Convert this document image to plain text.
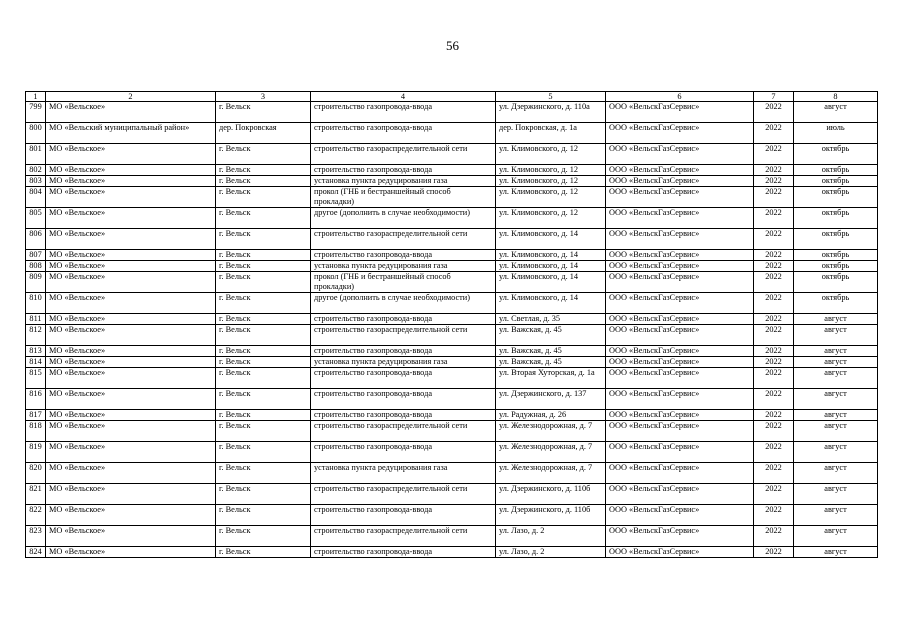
56
1	2	3	4	5	6	7	8
799	МО «Вельское»	г. Вельск	строительство газопровода-ввода	ул. Дзержинского, д. 110а	ООО «ВельскГазСервис»	2022	август
800	МО «Вельский муниципальный район»	дер. Покровская	строительство газопровода-ввода	дер. Покровская, д. 1а	ООО «ВельскГазСервис»	2022	июль
801	МО «Вельское»	г. Вельск	строительство газораспределительной сети	ул. Климовского, д. 12	ООО «ВельскГазСервис»	2022	октябрь
802	МО «Вельское»	г. Вельск	строительство газопровода-ввода	ул. Климовского, д. 12	ООО «ВельскГазСервис»	2022	октябрь
803	МО «Вельское»	г. Вельск	установка пункта редуцирования газа	ул. Климовского, д. 12	ООО «ВельскГазСервис»	2022	октябрь
804	МО «Вельское»	г. Вельск	прокол (ГНБ и бестраншейный способ прокладки)	ул. Климовского, д. 12	ООО «ВельскГазСервис»	2022	октябрь
805	МО «Вельское»	г. Вельск	другое (дополнить в случае необходимости)	ул. Климовского, д. 12	ООО «ВельскГазСервис»	2022	октябрь
806	МО «Вельское»	г. Вельск	строительство газораспределительной сети	ул. Климовского, д. 14	ООО «ВельскГазСервис»	2022	октябрь
807	МО «Вельское»	г. Вельск	строительство газопровода-ввода	ул. Климовского, д. 14	ООО «ВельскГазСервис»	2022	октябрь
808	МО «Вельское»	г. Вельск	установка пункта редуцирования газа	ул. Климовского, д. 14	ООО «ВельскГазСервис»	2022	октябрь
809	МО «Вельское»	г. Вельск	прокол (ГНБ и бестраншейный способ прокладки)	ул. Климовского, д. 14	ООО «ВельскГазСервис»	2022	октябрь
810	МО «Вельское»	г. Вельск	другое (дополнить в случае необходимости)	ул. Климовского, д. 14	ООО «ВельскГазСервис»	2022	октябрь
811	МО «Вельское»	г. Вельск	строительство газопровода-ввода	ул. Светлая, д. 35	ООО «ВельскГазСервис»	2022	август
812	МО «Вельское»	г. Вельск	строительство газораспределительной сети	ул. Важская, д. 45	ООО «ВельскГазСервис»	2022	август
813	МО «Вельское»	г. Вельск	строительство газопровода-ввода	ул. Важская, д. 45	ООО «ВельскГазСервис»	2022	август
814	МО «Вельское»	г. Вельск	установка пункта редуцирования газа	ул. Важская, д. 45	ООО «ВельскГазСервис»	2022	август
815	МО «Вельское»	г. Вельск	строительство газопровода-ввода	ул. Вторая Хуторская, д. 1а	ООО «ВельскГазСервис»	2022	август
816	МО «Вельское»	г. Вельск	строительство газопровода-ввода	ул. Дзержинского, д. 137	ООО «ВельскГазСервис»	2022	август
817	МО «Вельское»	г. Вельск	строительство газопровода-ввода	ул. Радужная, д. 26	ООО «ВельскГазСервис»	2022	август
818	МО «Вельское»	г. Вельск	строительство газораспределительной сети	ул. Железнодорожная, д. 7	ООО «ВельскГазСервис»	2022	август
819	МО «Вельское»	г. Вельск	строительство газопровода-ввода	ул. Железнодорожная, д. 7	ООО «ВельскГазСервис»	2022	август
820	МО «Вельское»	г. Вельск	установка пункта редуцирования газа	ул. Железнодорожная, д. 7	ООО «ВельскГазСервис»	2022	август
821	МО «Вельское»	г. Вельск	строительство газораспределительной сети	ул. Дзержинского, д. 110б	ООО «ВельскГазСервис»	2022	август
822	МО «Вельское»	г. Вельск	строительство газопровода-ввода	ул. Дзержинского, д. 110б	ООО «ВельскГазСервис»	2022	август
823	МО «Вельское»	г. Вельск	строительство газораспределительной сети	ул. Лазо, д. 2	ООО «ВельскГазСервис»	2022	август
824	МО «Вельское»	г. Вельск	строительство газопровода-ввода	ул. Лазо, д. 2	ООО «ВельскГазСервис»	2022	август
